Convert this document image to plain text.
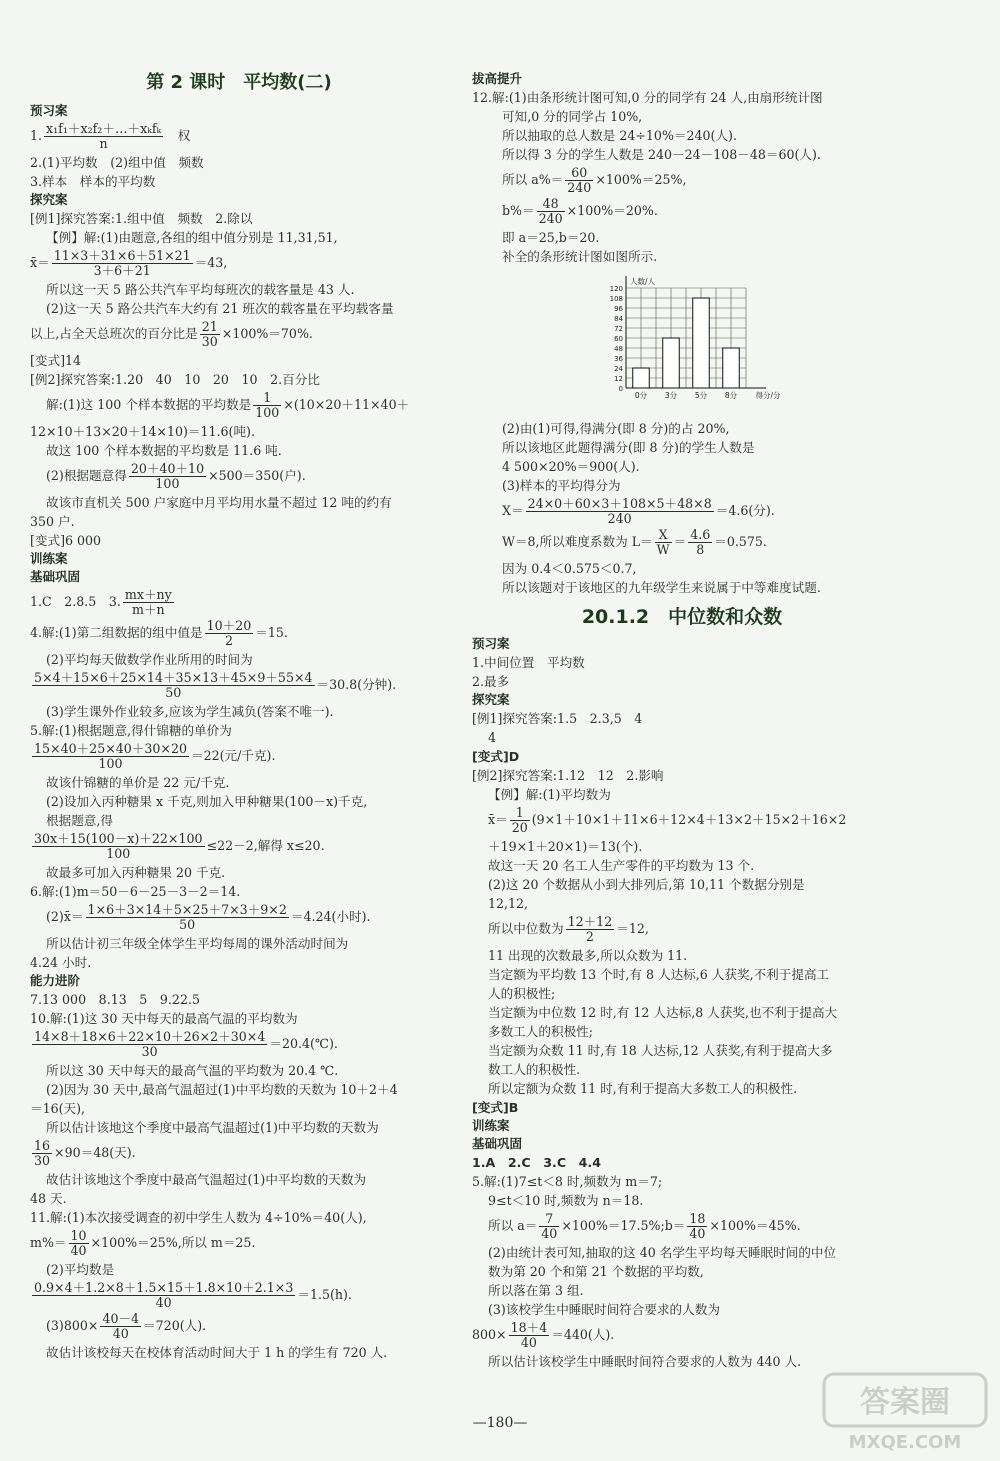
第 2 课时　平均数(二)
预习案
1. $\frac{\text{x₁f₁＋x₂f₂＋…＋xₖfₖ}}{n}$ 　权
2.(1)平均数　(2)组中值　频数
3.样本　样本的平均数
探究案
[例1]探究答案:1.组中值　频数　2.除以
【例】解:(1)由题意,各组的组中值分别是 11,31,51,
x̄＝ $\frac{11\times 3+31\times 6+51\times 21}{3+6+21} =43$,
所以这一天 5 路公共汽车平均每班次的载客量是 43 人.
(2)这一天 5 路公共汽车大约有 21 班次的载客量在平均载客量
以上,占全天总班次的百分比是 $\frac{21}{30} \times 100\%=70\%$.
[变式]14
[例2]探究答案:1.20　40　10　20　10　2.百分比
解:(1)这 100 个样本数据的平均数是 $\frac{1}{100} \times(10\times 20+11\times 40+$
12×10＋13×20＋14×10)＝11.6(吨).
故这 100 个样本数据的平均数是 11.6 吨.
(2)根据题意得 $\frac{20+40+10}{100} \times 500=350$(户).
故该市直机关 500 户家庭中月平均用水量不超过 12 吨的约有
350 户.
[变式]6 000
训练案
基础巩固
1.C　2.8.5　3. $\frac{mx+ny}{m+n}$
4.解:(1)第二组数据的组中值是 $\frac{10+20}{2} =15$.
(2)平均每天做数学作业所用的时间为
$\frac{5\times 4+15\times 6+25\times 14+35\times 13+45\times 9+55\times 4}{50} =30.8$(分钟).
(3)学生课外作业较多,应该为学生减负(答案不唯一).
5.解:(1)根据题意,得什锦糖的单价为
$\frac{15\times 40+25\times 40+30\times 20}{100} =22$(元/千克).
故该什锦糖的单价是 22 元/千克.
(2)设加入丙种糖果 x 千克,则加入甲种糖果(100－x)千克,
根据题意,得
$\frac{30x+15(100-x)+22\times 100}{100} \le 22-2$,解得 x≤20.
故最多可加入丙种糖果 20 千克.
6.解:(1)m＝50－6－25－3－2＝14.
(2)x̄＝ $\frac{1\times 6+3\times 14+5\times 25+7\times 3+9\times 2}{50} =4.24$(小时).
所以估计初三年级全体学生平均每周的课外活动时间为
4.24 小时.
能力进阶
7.13 000　8.13　5　9.22.5
10.解:(1)这 30 天中每天的最高气温的平均数为
$\frac{14\times 8+18\times 6+22\times 10+26\times 2+30\times 4}{30}$ ＝20.4(℃).
所以这 30 天中每天的最高气温的平均数为 20.4 ℃.
(2)因为 30 天中,最高气温超过(1)中平均数的天数为 10＋2＋4
＝16(天),
所以估计该地这个季度中最高气温超过(1)中平均数的天数为
$\frac{16}{30} \times 90=48$(天).
故估计该地这个季度中最高气温超过(1)中平均数的天数为
48 天.
11.解:(1)本次接受调查的初中学生人数为 4÷10%＝40(人),
$m\%= \frac{10}{40} \times 100\%=25\%$,所以 m＝25.
(2)平均数是
$\frac{0.9\times 4+1.2\times 8+1.5\times 15+1.8\times 10+2.1\times 3}{40} =1.5(h)$.
$(3)800\times \frac{40-4}{40} =720$(人).
故估计该校每天在校体育活动时间大于 1 h 的学生有 720 人.
拔高提升
12.解:(1)由条形统计图可知,0 分的同学有 24 人,由扇形统计图
可知,0 分的同学占 10%,
所以抽取的总人数是 24÷10%＝240(人).
所以得 3 分的学生人数是 240－24－108－48＝60(人).
所以 $a\%= \frac{60}{240} \times 100\%=25\%$,
$b\%= \frac{48}{240} \times 100\%=20\%$.
即 a＝25,b＝20.
补全的条形统计图如图所示.
0
12
24
36
48
60
72
84
96
108
120
0分 3分 5分 8分
人数/人
得分/分
(2)由(1)可得,得满分(即 8 分)的占 20%,
所以该地区此题得满分(即 8 分)的学生人数是
4 500×20%＝900(人).
(3)样本的平均得分为
$X= \frac{24\times 0+60\times 3+108\times 5+48\times 8}{240} =4.6$(分).
W＝8,所以难度系数为 $L= \frac{X}{W} = \frac{4.6}{8} =0.575$.
因为 0.4＜0.575＜0.7,
所以该题对于该地区的九年级学生来说属于中等难度试题.
20.1.2　中位数和众数
预习案
1.中间位置　平均数
2.最多
探究案
[例1]探究答案:1.5　2.3,5　4
4
[变式]D
[例2]探究答案:1.12　12　2.影响
【例】解:(1)平均数为
x̄＝ $\frac{1}{20} (9\times 1+10\times 1+11\times 6+12\times 4+13\times 2+15\times 2+16\times 2$
＋19×1＋20×1)＝13(个).
故这一天 20 名工人生产零件的平均数为 13 个.
(2)这 20 个数据从小到大排列后,第 10,11 个数据分别是
12,12,
所以中位数为 $\frac{12+12}{2} =12$,
11 出现的次数最多,所以众数为 11.
当定额为平均数 13 个时,有 8 人达标,6 人获奖,不利于提高工
人的积极性;
当定额为中位数 12 时,有 12 人达标,8 人获奖,也不利于提高大
多数工人的积极性;
当定额为众数 11 时,有 18 人达标,12 人获奖,有利于提高大多
数工人的积极性.
所以定额为众数 11 时,有利于提高大多数工人的积极性.
[变式]B
训练案
基础巩固
1.A　2.C　3.C　4.4
5.解:(1)7≤t＜8 时,频数为 m＝7;
9≤t＜10 时,频数为 n＝18.
所以 $a= \frac{7}{40}$ ×100%＝17.5%;b＝ $\frac{18}{40} \times 100\%=45\%$.
(2)由统计表可知,抽取的这 40 名学生平均每天睡眠时间的中位
数为第 20 个和第 21 个数据的平均数,
所以落在第 3 组.
(3)该校学生中睡眠时间符合要求的人数为
$800\times \frac{18+4}{40} =440$(人).
所以估计该校学生中睡眠时间符合要求的人数为 440 人.
—180—
答案圈
MXQE.COM
